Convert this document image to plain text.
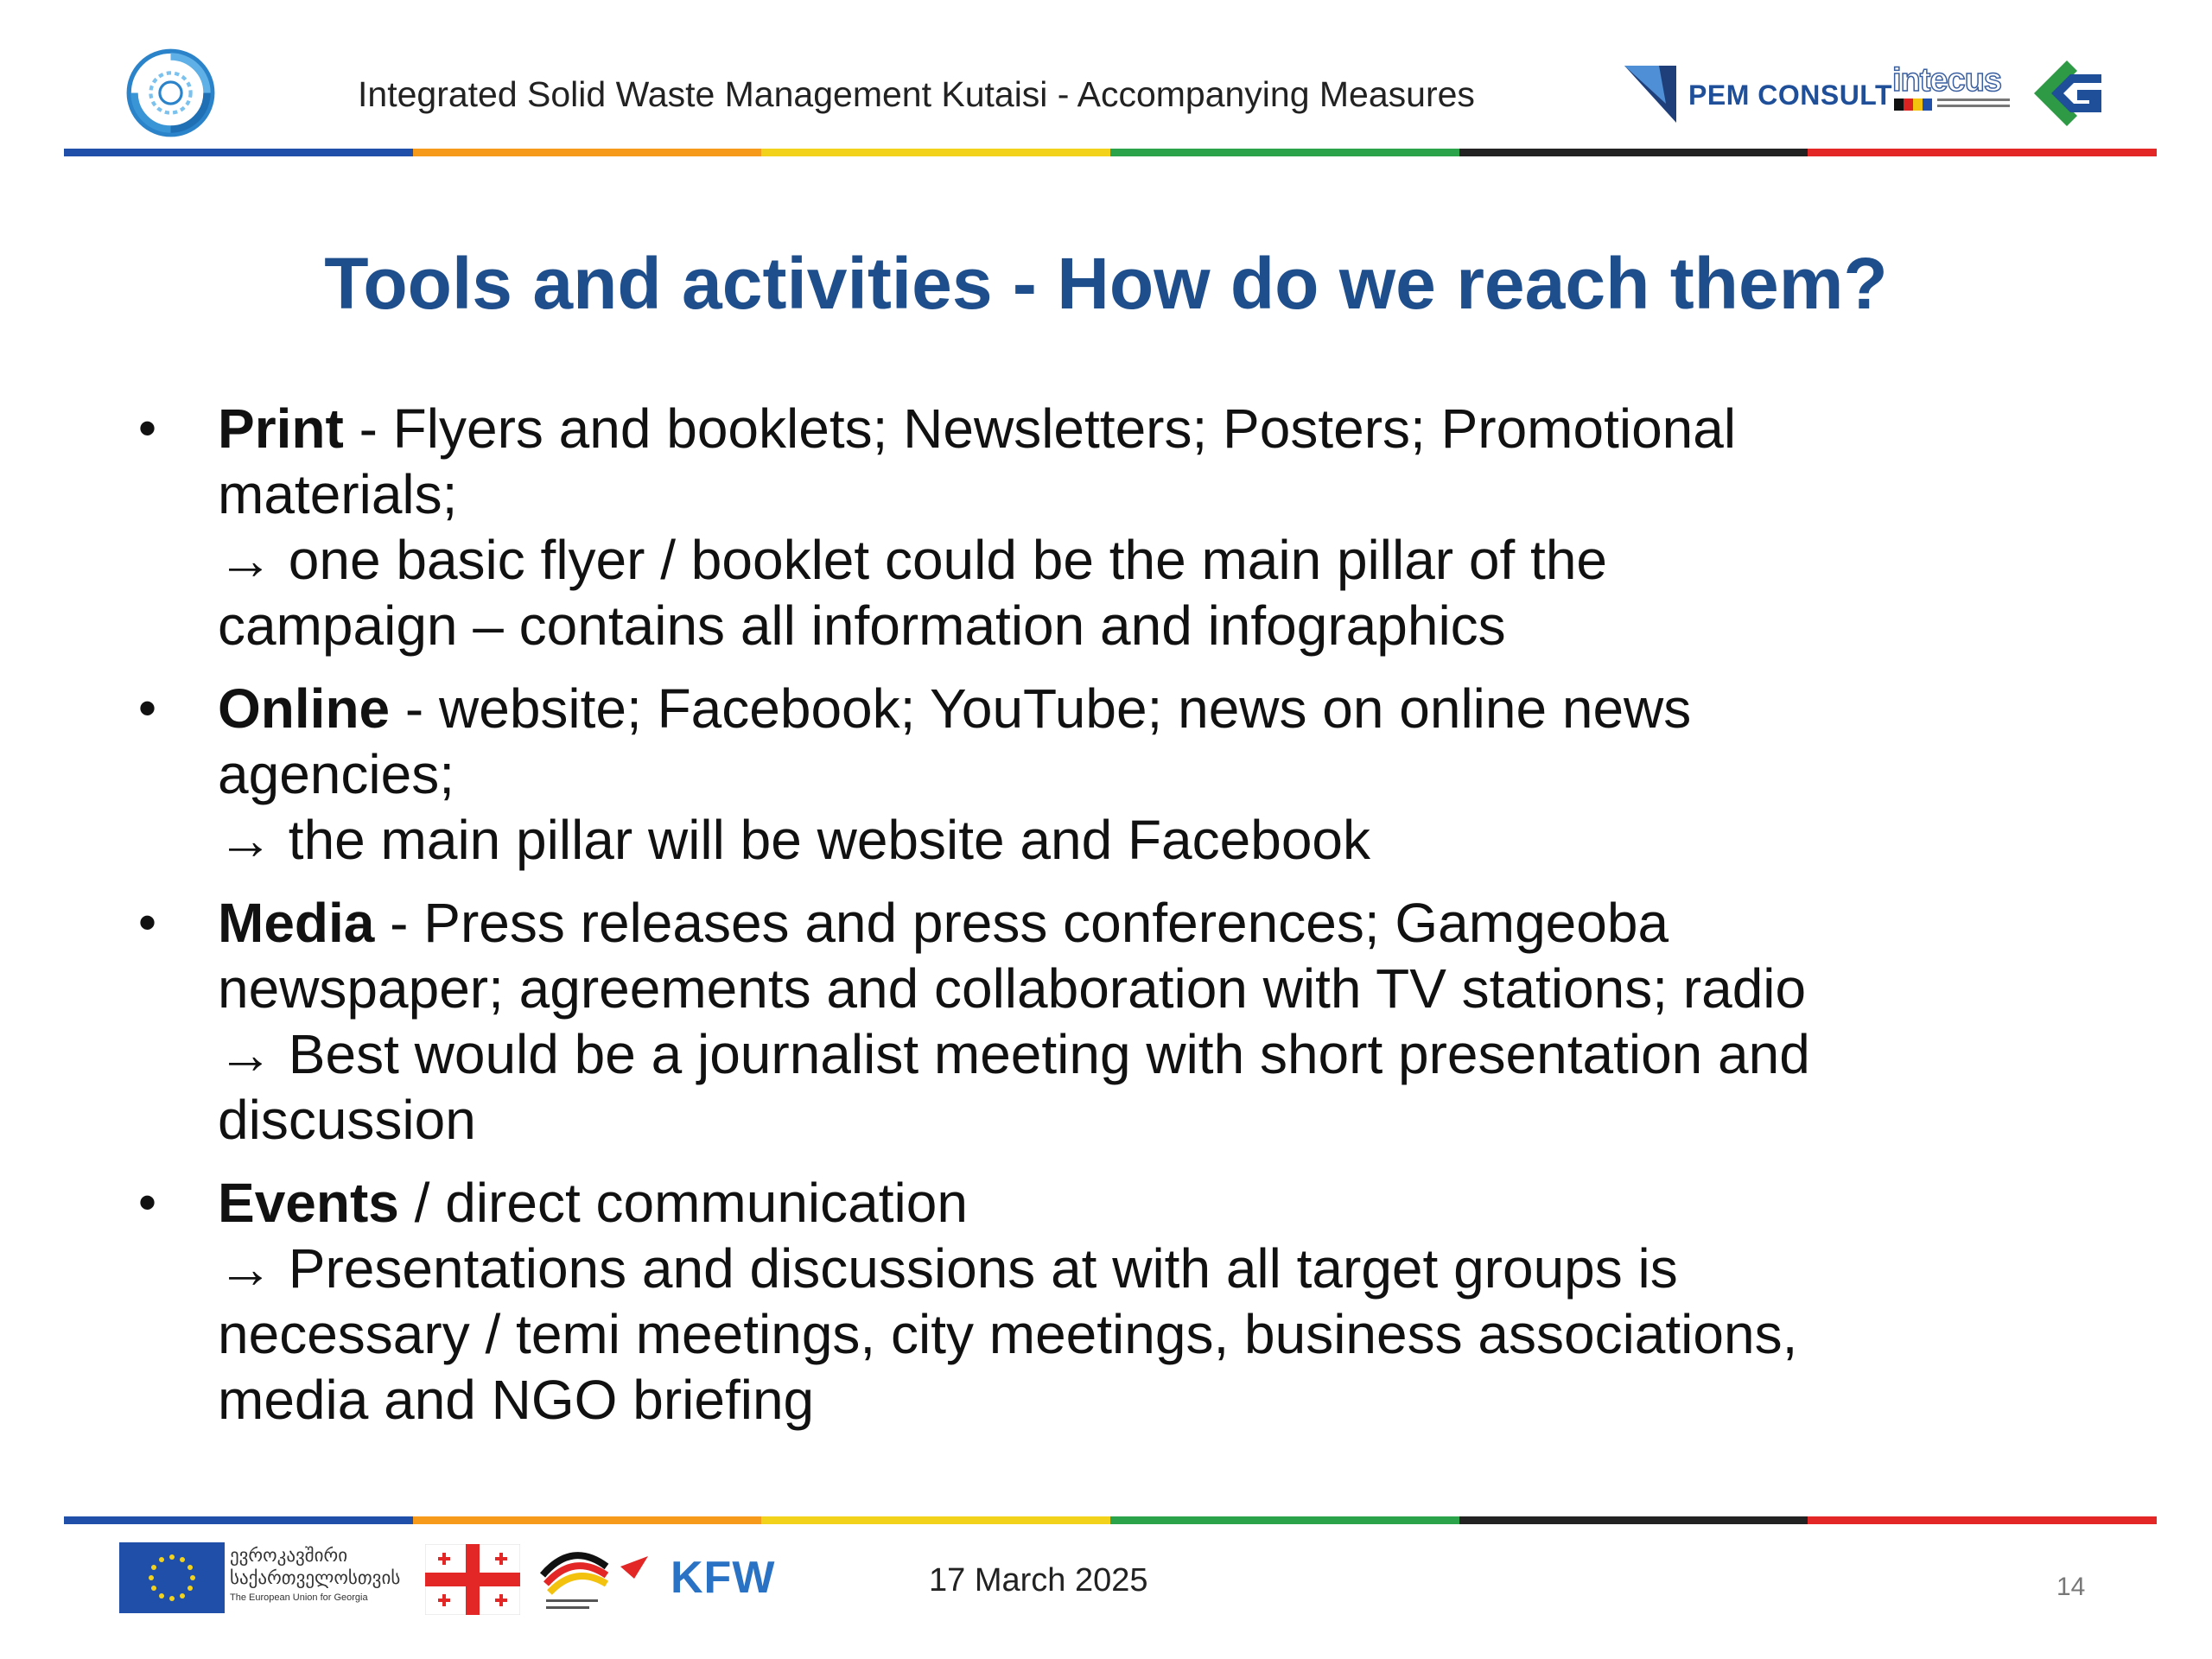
Integrated Solid Waste Management Kutaisi - Accompanying Measures	PEM CONSULT intecus
Tools and activities - How do we reach them?
• Print - Flyers and booklets; Newsletters; Posters; Promotional
materials;
→ one basic flyer / booklet could be the main pillar of the
campaign – contains all information and infographics
• Online - website; Facebook; YouTube; news on online news
agencies;
→ the main pillar will be website and Facebook
• Media - Press releases and press conferences; Gamgeoba
newspaper; agreements and collaboration with TV stations; radio
→ Best would be a journalist meeting with short presentation and
discussion
• Events / direct communication
→ Presentations and discussions at with all target groups is
necessary / temi meetings, city meetings, business associations,
media and NGO briefing
ევროკავშირი
საქართველოსთვის
The European Union for Georgia	KFW	17 March 2025	14
